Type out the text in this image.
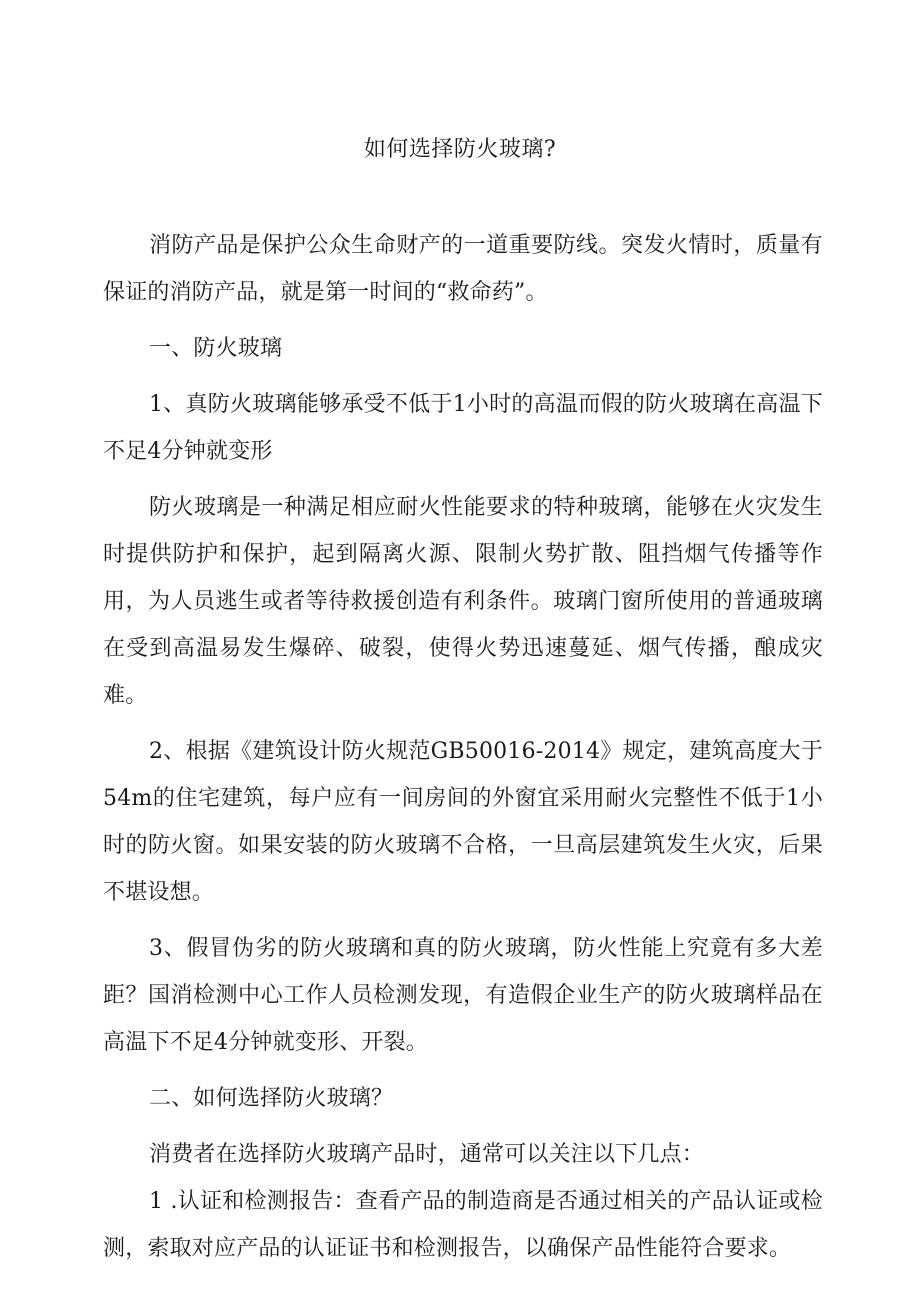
如何选择防火玻璃?

消防产品是保护公众生命财产的一道重要防线。突发火情时，质量有保证的消防产品，就是第一时间的“救命药”。

一、防火玻璃

1、真防火玻璃能够承受不低于1小时的高温而假的防火玻璃在高温下不足4分钟就变形

防火玻璃是一种满足相应耐火性能要求的特种玻璃，能够在火灾发生时提供防护和保护，起到隔离火源、限制火势扩散、阻挡烟气传播等作用，为人员逃生或者等待救援创造有利条件。玻璃门窗所使用的普通玻璃在受到高温易发生爆碎、破裂，使得火势迅速蔓延、烟气传播，酿成灾难。

2、根据《建筑设计防火规范GB50016-2014》规定，建筑高度大于54m的住宅建筑，每户应有一间房间的外窗宜采用耐火完整性不低于1小时的防火窗。如果安装的防火玻璃不合格，一旦高层建筑发生火灾，后果不堪设想。

3、假冒伪劣的防火玻璃和真的防火玻璃，防火性能上究竟有多大差距？国消检测中心工作人员检测发现，有造假企业生产的防火玻璃样品在高温下不足4分钟就变形、开裂。

二、如何选择防火玻璃？

消费者在选择防火玻璃产品时，通常可以关注以下几点：

1 .认证和检测报告：查看产品的制造商是否通过相关的产品认证或检测，索取对应产品的认证证书和检测报告，以确保产品性能符合要求。
